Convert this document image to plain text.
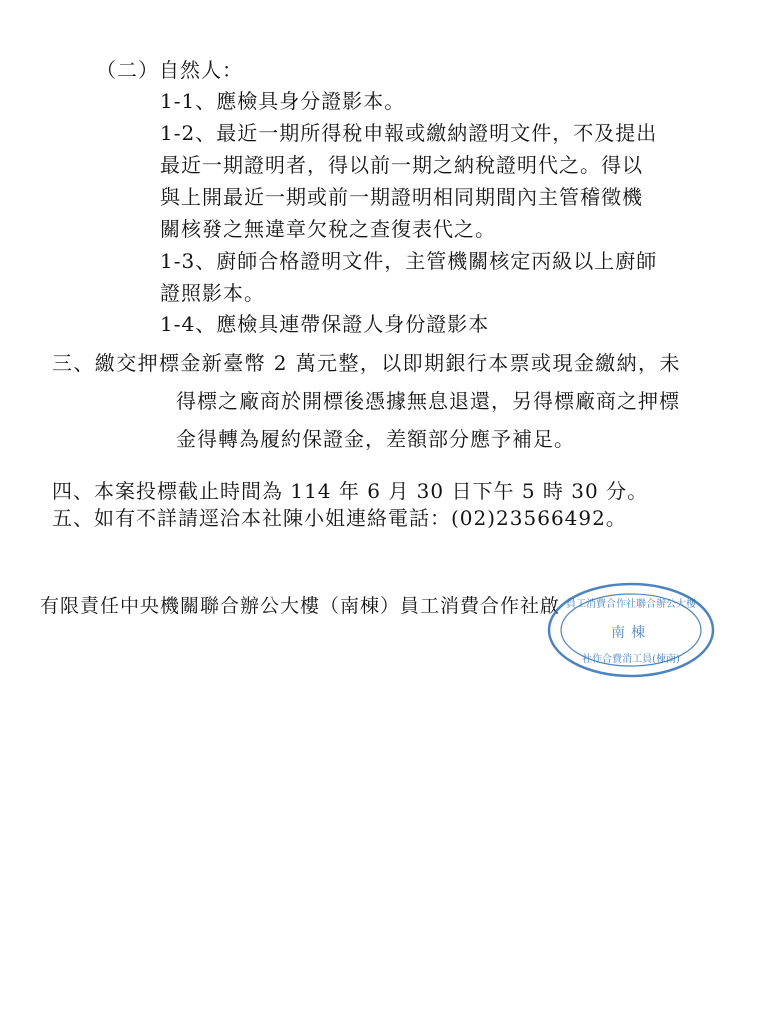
（二）自然人：
1-1、應檢具身分證影本。
1-2、最近一期所得稅申報或繳納證明文件，不及提出
最近一期證明者，得以前一期之納稅證明代之。得以
與上開最近一期或前一期證明相同期間內主管稽徵機
關核發之無違章欠稅之查復表代之。
1-3、廚師合格證明文件，主管機關核定丙級以上廚師
證照影本。
1-4、應檢具連帶保證人身份證影本
三、繳交押標金新臺幣 2 萬元整，以即期銀行本票或現金繳納，未
得標之廠商於開標後憑據無息退還，另得標廠商之押標
金得轉為履約保證金，差額部分應予補足。
四、本案投標截止時間為 114 年 6 月 30 日下午 5 時 30 分。
五、如有不詳請逕洽本社陳小姐連絡電話：(02)23566492。
有限責任中央機關聯合辦公大樓（南棟）員工消費合作社啟 員工消費合作社聯合辦公大樓
南棟
社作合費消工員(棟南)
